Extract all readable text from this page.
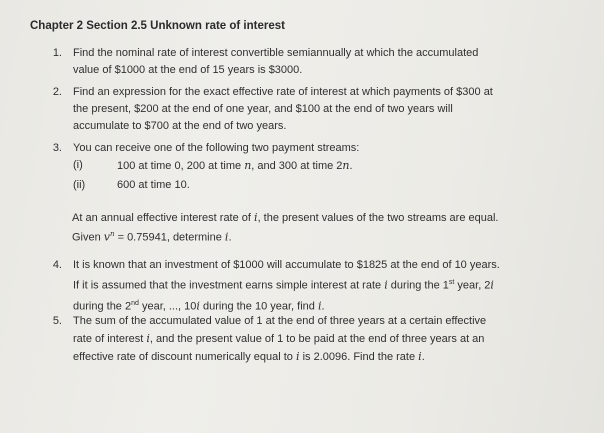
Chapter 2 Section 2.5 Unknown rate of interest
1. Find the nominal rate of interest convertible semiannually at which the accumulated
value of $1000 at the end of 15 years is $3000.
2. Find an expression for the exact effective rate of interest at which payments of $300 at
the present, $200 at the end of one year, and $100 at the end of two years will
accumulate to $700 at the end of two years.
3. You can receive one of the following two payment streams:
(i)	100 at time 0, 200 at time n, and 300 at time 2n.
(ii)	600 at time 10.
At an annual effective interest rate of i, the present values of the two streams are equal.
Given $v^n = 0.75941$, determine i.
4. It is known that an investment of $1000 will accumulate to $1825 at the end of 10 years.
If it is assumed that the investment earns simple interest at rate i during the 1st year, 2i
during the 2nd year, ..., 10i during the 10 year, find i.
5. The sum of the accumulated value of 1 at the end of three years at a certain effective
rate of interest i, and the present value of 1 to be paid at the end of three years at an
effective rate of discount numerically equal to i is 2.0096. Find the rate i.
